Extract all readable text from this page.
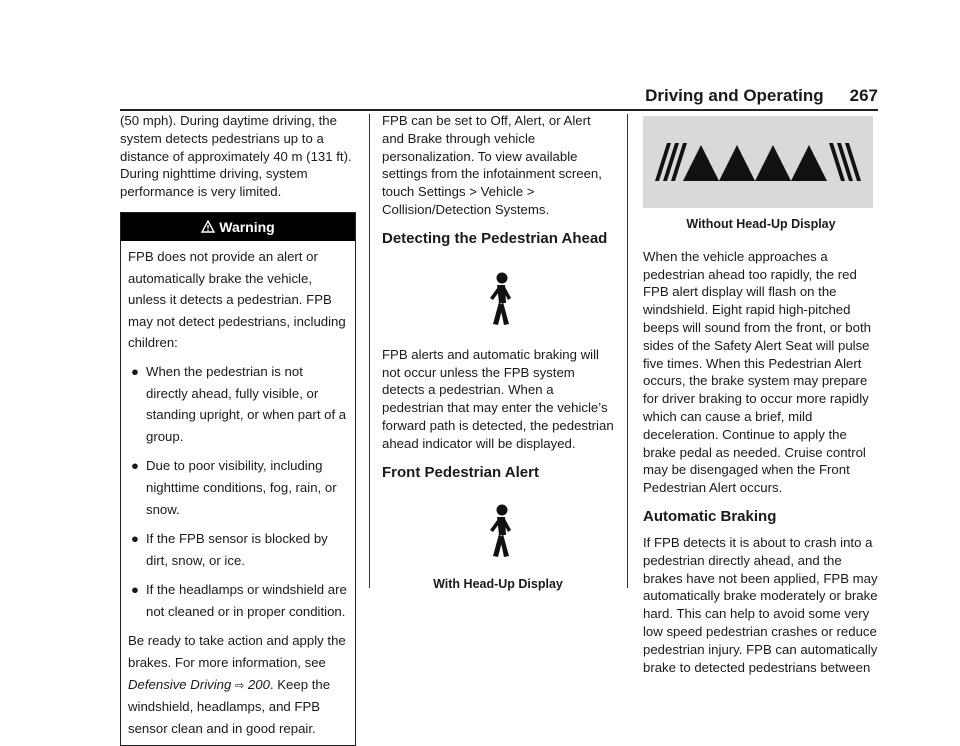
Driving and Operating 267

(50 mph). During daytime driving, the system detects pedestrians up to a distance of approximately 40 m (131 ft). During nighttime driving, system performance is very limited.

Warning

FPB does not provide an alert or automatically brake the vehicle, unless it detects a pedestrian. FPB may not detect pedestrians, including children:

● When the pedestrian is not directly ahead, fully visible, or standing upright, or when part of a group.
● Due to poor visibility, including nighttime conditions, fog, rain, or snow.
● If the FPB sensor is blocked by dirt, snow, or ice.
● If the headlamps or windshield are not cleaned or in proper condition.

Be ready to take action and apply the brakes. For more information, see Defensive Driving ⇨ 200. Keep the windshield, headlamps, and FPB sensor clean and in good repair.

FPB can be set to Off, Alert, or Alert and Brake through vehicle personalization. To view available settings from the infotainment screen, touch Settings > Vehicle > Collision/Detection Systems.

Detecting the Pedestrian Ahead

FPB alerts and automatic braking will not occur unless the FPB system detects a pedestrian. When a pedestrian that may enter the vehicle’s forward path is detected, the pedestrian ahead indicator will be displayed.

Front Pedestrian Alert

With Head-Up Display

Without Head-Up Display

When the vehicle approaches a pedestrian ahead too rapidly, the red FPB alert display will flash on the windshield. Eight rapid high-pitched beeps will sound from the front, or both sides of the Safety Alert Seat will pulse five times. When this Pedestrian Alert occurs, the brake system may prepare for driver braking to occur more rapidly which can cause a brief, mild deceleration. Continue to apply the brake pedal as needed. Cruise control may be disengaged when the Front Pedestrian Alert occurs.

Automatic Braking

If FPB detects it is about to crash into a pedestrian directly ahead, and the brakes have not been applied, FPB may automatically brake moderately or brake hard. This can help to avoid some very low speed pedestrian crashes or reduce pedestrian injury. FPB can automatically brake to detected pedestrians between
